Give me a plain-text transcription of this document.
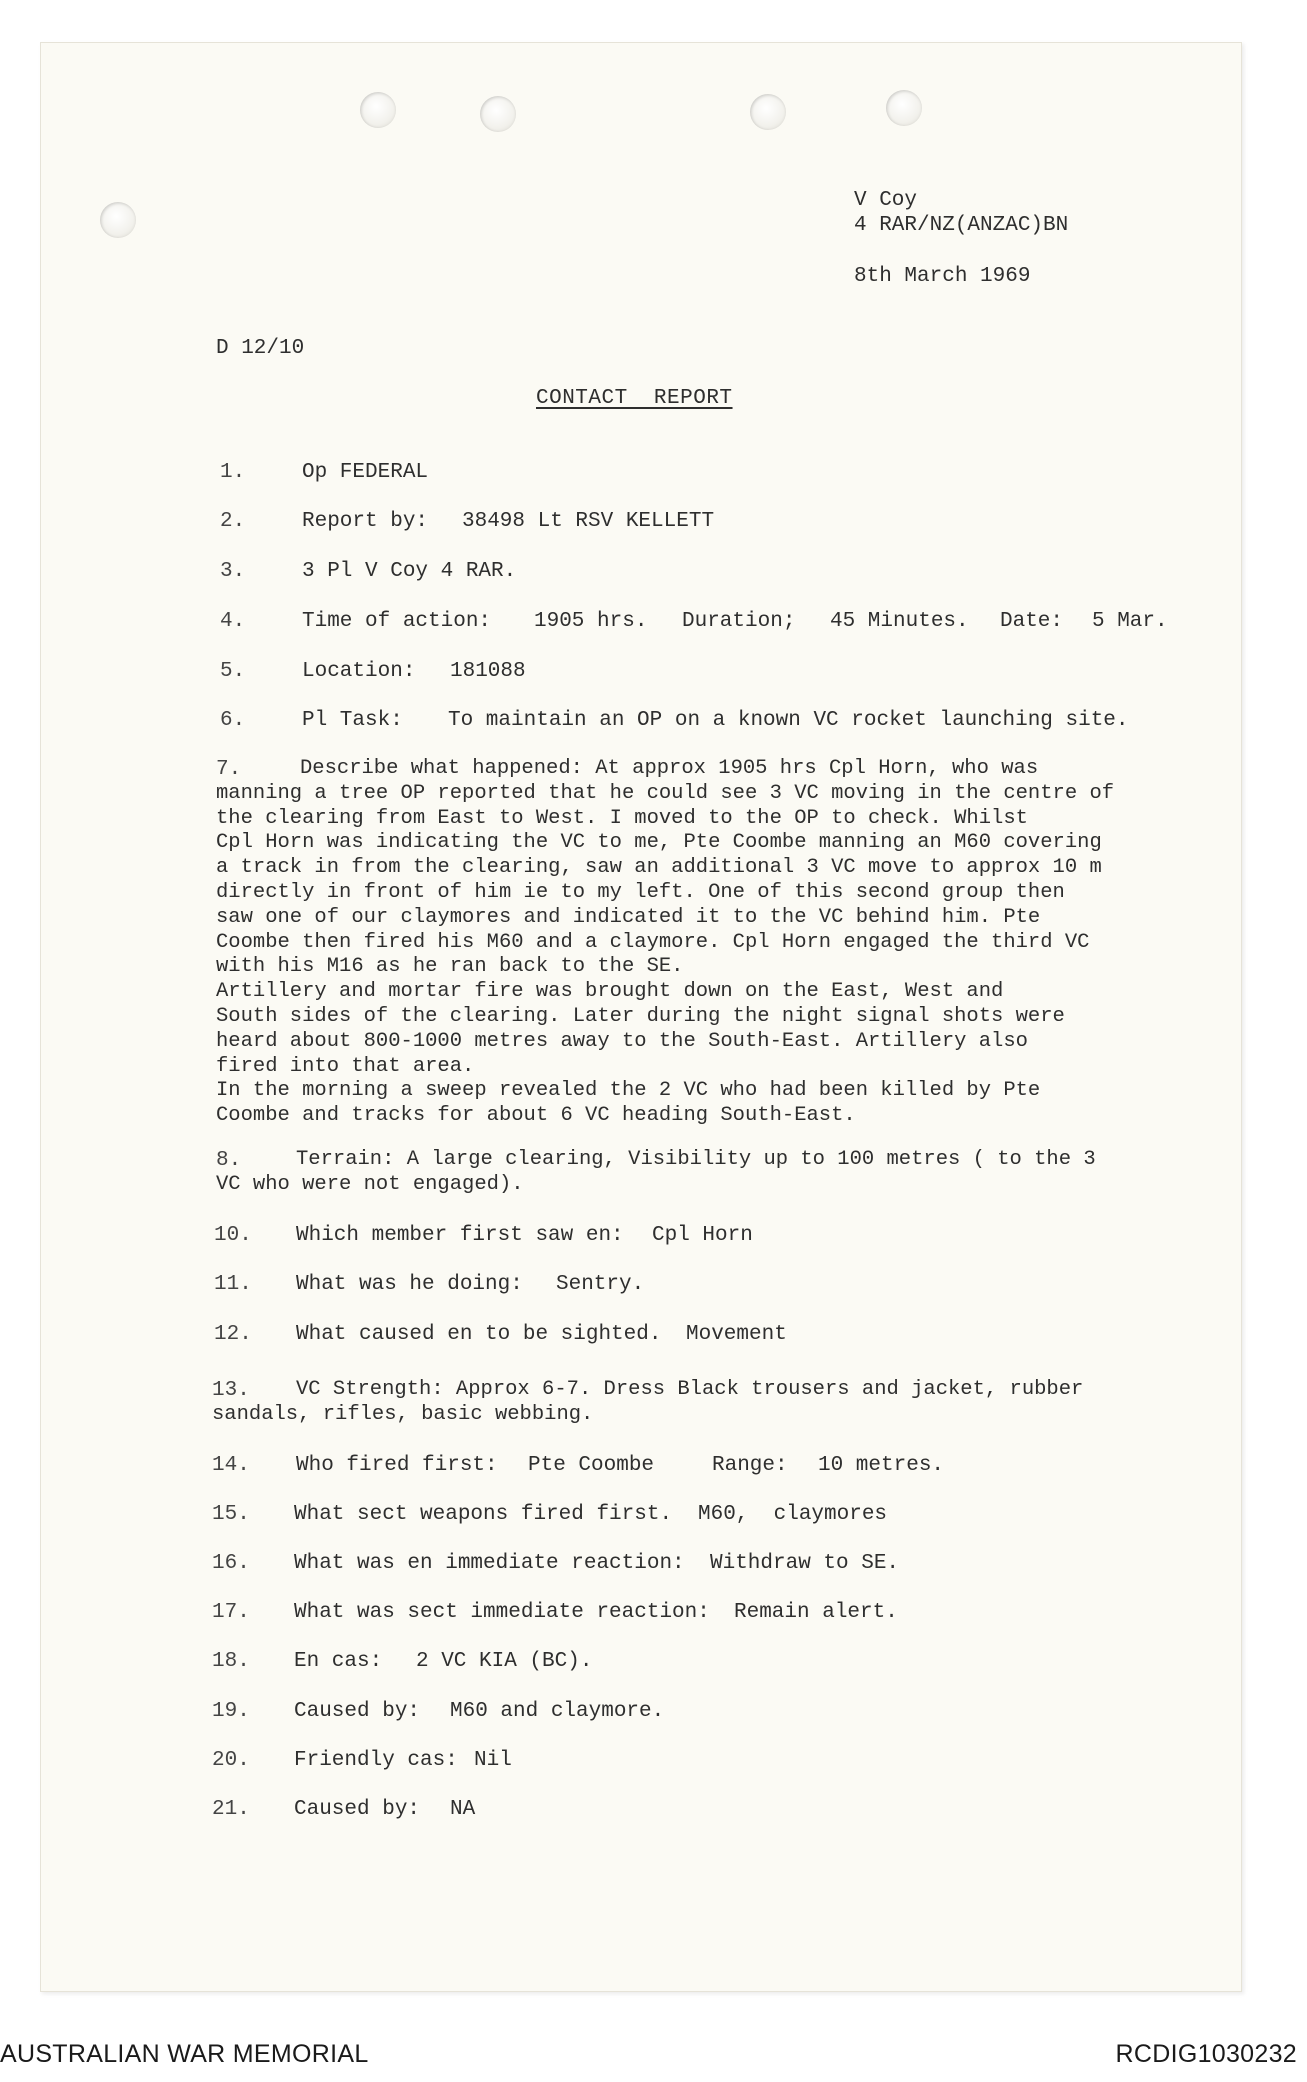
V Coy
4 RAR/NZ(ANZAC)BN
8th March 1969
D 12/10
CONTACT  REPORT
1.	Op FEDERAL
2.	Report by: 38498 Lt RSV KELLETT
3.	3 Pl V Coy 4 RAR.
4.	Time of action: 1905 hrs. Duration; 45 Minutes. Date: 5 Mar.
5.	Location: 181088
6.	Pl Task: To maintain an OP on a known VC rocket launching site.
7.	Describe what happened: At approx 1905 hrs Cpl Horn, who was
manning a tree OP reported that he could see 3 VC moving in the centre of
the clearing from East to West. I moved to the OP to check. Whilst
Cpl Horn was indicating the VC to me, Pte Coombe manning an M60 covering
a track in from the clearing, saw an additional 3 VC move to approx 10 m
directly in front of him ie to my left. One of this second group then
saw one of our claymores and indicated it to the VC behind him. Pte
Coombe then fired his M60 and a claymore. Cpl Horn engaged the third VC
with his M16 as he ran back to the SE.
Artillery and mortar fire was brought down on the East, West and
South sides of the clearing. Later during the night signal shots were
heard about 800-1000 metres away to the South-East. Artillery also
fired into that area.
In the morning a sweep revealed the 2 VC who had been killed by Pte
Coombe and tracks for about 6 VC heading South-East.
8.	Terrain: A large clearing, Visibility up to 100 metres ( to the 3
VC who were not engaged).
10. Which member first saw en: Cpl Horn
11. What was he doing: Sentry.
12. What caused en to be sighted. Movement
13.	VC Strength: Approx 6-7. Dress Black trousers and jacket, rubber
sandals, rifles, basic webbing.
14. Who fired first: Pte Coombe	Range: 10 metres.
15. What sect weapons fired first. M60,  claymores
16. What was en immediate reaction: Withdraw to SE.
17. What was sect immediate reaction: Remain alert.
18. En cas: 2 VC KIA (BC).
19. Caused by: M60 and claymore.
20. Friendly cas: Nil
21. Caused by: NA
AUSTRALIAN WAR MEMORIAL	RCDIG1030232
